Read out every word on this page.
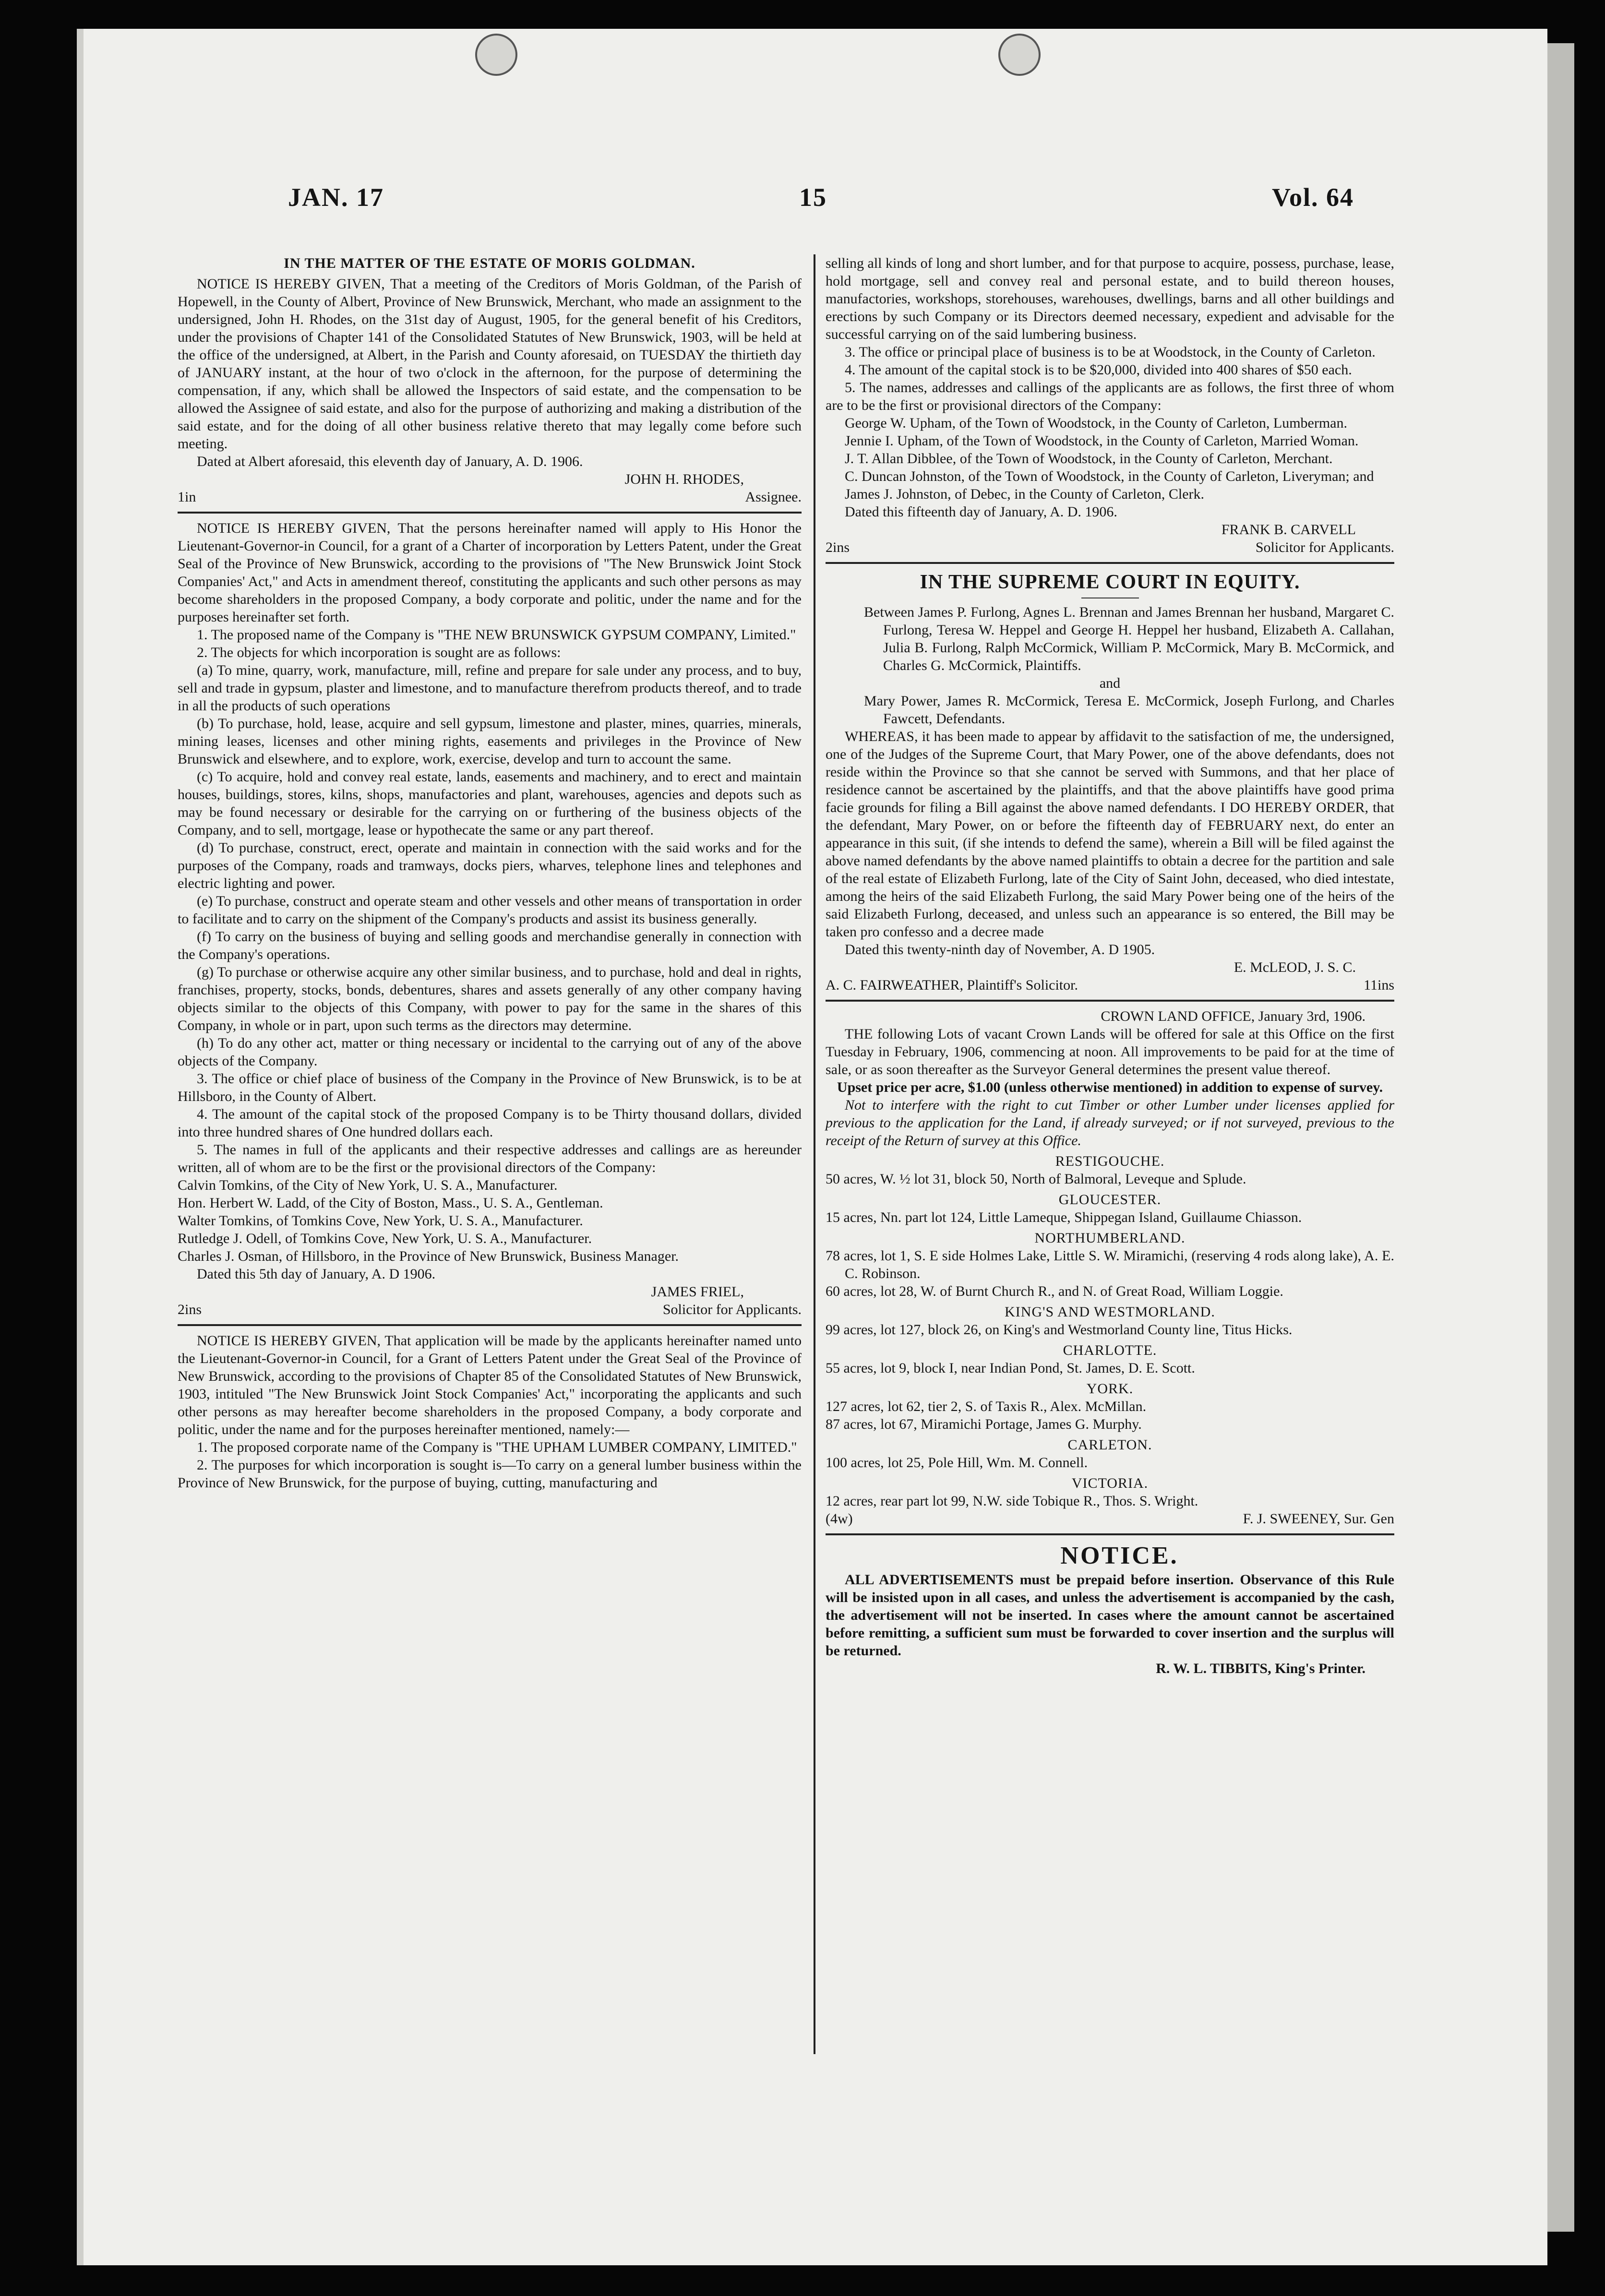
JAN. 17	15	Vol. 64

IN THE MATTER OF THE ESTATE OF MORIS GOLDMAN.

NOTICE IS HEREBY GIVEN, That a meeting of the Creditors of Moris Goldman, of the Parish of Hopewell, in the County of Albert, Province of New Brunswick, Merchant, who made an assignment to the undersigned, John H. Rhodes, on the 31st day of August, 1905, for the general benefit of his Creditors, under the provisions of Chapter 141 of the Consolidated Statutes of New Brunswick, 1903, will be held at the office of the undersigned, at Albert, in the Parish and County aforesaid, on TUESDAY the thirtieth day of JANUARY instant, at the hour of two o'clock in the afternoon, for the purpose of determining the compensation, if any, which shall be allowed the Inspectors of said estate, and the compensation to be allowed the Assignee of said estate, and also for the purpose of authorizing and making a distribution of the said estate, and for the doing of all other business relative thereto that may legally come before such meeting.

Dated at Albert aforesaid, this eleventh day of January, A. D. 1906.

JOHN H. RHODES,

1in	Assignee.

NOTICE IS HEREBY GIVEN, That the persons hereinafter named will apply to His Honor the Lieutenant-Governor-in Council, for a grant of a Charter of incorporation by Letters Patent, under the Great Seal of the Province of New Brunswick, according to the provisions of "The New Brunswick Joint Stock Companies' Act," and Acts in amendment thereof, constituting the applicants and such other persons as may become shareholders in the proposed Company, a body corporate and politic, under the name and for the purposes hereinafter set forth.

1. The proposed name of the Company is "THE NEW BRUNSWICK GYPSUM COMPANY, Limited."

2. The objects for which incorporation is sought are as follows:

(a) To mine, quarry, work, manufacture, mill, refine and prepare for sale under any process, and to buy, sell and trade in gypsum, plaster and limestone, and to manufacture therefrom products thereof, and to trade in all the products of such operations

(b) To purchase, hold, lease, acquire and sell gypsum, limestone and plaster, mines, quarries, minerals, mining leases, licenses and other mining rights, easements and privileges in the Province of New Brunswick and elsewhere, and to explore, work, exercise, develop and turn to account the same.

(c) To acquire, hold and convey real estate, lands, easements and machinery, and to erect and maintain houses, buildings, stores, kilns, shops, manufactories and plant, warehouses, agencies and depots such as may be found necessary or desirable for the carrying on or furthering of the business objects of the Company, and to sell, mortgage, lease or hypothecate the same or any part thereof.

(d) To purchase, construct, erect, operate and maintain in connection with the said works and for the purposes of the Company, roads and tramways, docks piers, wharves, telephone lines and telephones and electric lighting and power.

(e) To purchase, construct and operate steam and other vessels and other means of transportation in order to facilitate and to carry on the shipment of the Company's products and assist its business generally.

(f) To carry on the business of buying and selling goods and merchandise generally in connection with the Company's operations.

(g) To purchase or otherwise acquire any other similar business, and to purchase, hold and deal in rights, franchises, property, stocks, bonds, debentures, shares and assets generally of any other company having objects similar to the objects of this Company, with power to pay for the same in the shares of this Company, in whole or in part, upon such terms as the directors may determine.

(h) To do any other act, matter or thing necessary or incidental to the carrying out of any of the above objects of the Company.

3. The office or chief place of business of the Company in the Province of New Brunswick, is to be at Hillsboro, in the County of Albert.

4. The amount of the capital stock of the proposed Company is to be Thirty thousand dollars, divided into three hundred shares of One hundred dollars each.

5. The names in full of the applicants and their respective addresses and callings are as hereunder written, all of whom are to be the first or the provisional directors of the Company:

Calvin Tomkins, of the City of New York, U. S. A., Manufacturer.

Hon. Herbert W. Ladd, of the City of Boston, Mass., U. S. A., Gentleman.

Walter Tomkins, of Tomkins Cove, New York, U. S. A., Manufacturer.

Rutledge J. Odell, of Tomkins Cove, New York, U. S. A., Manufacturer.

Charles J. Osman, of Hillsboro, in the Province of New Brunswick, Business Manager.

Dated this 5th day of January, A. D 1906.

JAMES FRIEL,

2ins	Solicitor for Applicants.

NOTICE IS HEREBY GIVEN, That application will be made by the applicants hereinafter named unto the Lieutenant-Governor-in Council, for a Grant of Letters Patent under the Great Seal of the Province of New Brunswick, according to the provisions of Chapter 85 of the Consolidated Statutes of New Brunswick, 1903, intituled "The New Brunswick Joint Stock Companies' Act," incorporating the applicants and such other persons as may hereafter become shareholders in the proposed Company, a body corporate and politic, under the name and for the purposes hereinafter mentioned, namely:—

1. The proposed corporate name of the Company is "THE UPHAM LUMBER COMPANY, LIMITED."

2. The purposes for which incorporation is sought is—To carry on a general lumber business within the Province of New Brunswick, for the purpose of buying, cutting, manufacturing and

selling all kinds of long and short lumber, and for that purpose to acquire, possess, purchase, lease, hold mortgage, sell and convey real and personal estate, and to build thereon houses, manufactories, workshops, storehouses, warehouses, dwellings, barns and all other buildings and erections by such Company or its Directors deemed necessary, expedient and advisable for the successful carrying on of the said lumbering business.

3. The office or principal place of business is to be at Woodstock, in the County of Carleton.

4. The amount of the capital stock is to be $20,000, divided into 400 shares of $50 each.

5. The names, addresses and callings of the applicants are as follows, the first three of whom are to be the first or provisional directors of the Company:

George W. Upham, of the Town of Woodstock, in the County of Carleton, Lumberman.

Jennie I. Upham, of the Town of Woodstock, in the County of Carleton, Married Woman.

J. T. Allan Dibblee, of the Town of Woodstock, in the County of Carleton, Merchant.

C. Duncan Johnston, of the Town of Woodstock, in the County of Carleton, Liveryman; and

James J. Johnston, of Debec, in the County of Carleton, Clerk.

Dated this fifteenth day of January, A. D. 1906.

FRANK B. CARVELL

2ins	Solicitor for Applicants.

IN THE SUPREME COURT IN EQUITY.

Between James P. Furlong, Agnes L. Brennan and James Brennan her husband, Margaret C. Furlong, Teresa W. Heppel and George H. Heppel her husband, Elizabeth A. Callahan, Julia B. Furlong, Ralph McCormick, William P. McCormick, Mary B. McCormick, and Charles G. McCormick, Plaintiffs.

and

Mary Power, James R. McCormick, Teresa E. McCormick, Joseph Furlong, and Charles Fawcett, Defendants.

WHEREAS, it has been made to appear by affidavit to the satisfaction of me, the undersigned, one of the Judges of the Supreme Court, that Mary Power, one of the above defendants, does not reside within the Province so that she cannot be served with Summons, and that her place of residence cannot be ascertained by the plaintiffs, and that the above plaintiffs have good prima facie grounds for filing a Bill against the above named defendants. I DO HEREBY ORDER, that the defendant, Mary Power, on or before the fifteenth day of FEBRUARY next, do enter an appearance in this suit, (if she intends to defend the same), wherein a Bill will be filed against the above named defendants by the above named plaintiffs to obtain a decree for the partition and sale of the real estate of Elizabeth Furlong, late of the City of Saint John, deceased, who died intestate, among the heirs of the said Elizabeth Furlong, the said Mary Power being one of the heirs of the said Elizabeth Furlong, deceased, and unless such an appearance is so entered, the Bill may be taken pro confesso and a decree made

Dated this twenty-ninth day of November, A. D 1905.

E. McLEOD, J. S. C.

A. C. FAIRWEATHER, Plaintiff's Solicitor.	11ins

CROWN LAND OFFICE, January 3rd, 1906.

THE following Lots of vacant Crown Lands will be offered for sale at this Office on the first Tuesday in February, 1906, commencing at noon. All improvements to be paid for at the time of sale, or as soon thereafter as the Surveyor General determines the present value thereof.

Upset price per acre, $1.00 (unless otherwise mentioned) in addition to expense of survey.

Not to interfere with the right to cut Timber or other Lumber under licenses applied for previous to the application for the Land, if already surveyed; or if not surveyed, previous to the receipt of the Return of survey at this Office.

RESTIGOUCHE.

50 acres, W. ½ lot 31, block 50, North of Balmoral, Leveque and Splude.

GLOUCESTER.

15 acres, Nn. part lot 124, Little Lameque, Shippegan Island, Guillaume Chiasson.

NORTHUMBERLAND.

78 acres, lot 1, S. E side Holmes Lake, Little S. W. Miramichi, (reserving 4 rods along lake), A. E. C. Robinson.

60 acres, lot 28, W. of Burnt Church R., and N. of Great Road, William Loggie.

KING'S AND WESTMORLAND.

99 acres, lot 127, block 26, on King's and Westmorland County line, Titus Hicks.

CHARLOTTE.

55 acres, lot 9, block I, near Indian Pond, St. James, D. E. Scott.

YORK.

127 acres, lot 62, tier 2, S. of Taxis R., Alex. McMillan.

87 acres, lot 67, Miramichi Portage, James G. Murphy.

CARLETON.

100 acres, lot 25, Pole Hill, Wm. M. Connell.

VICTORIA.

12 acres, rear part lot 99, N.W. side Tobique R., Thos. S. Wright.

(4w)	F. J. SWEENEY, Sur. Gen

NOTICE.

ALL ADVERTISEMENTS must be prepaid before insertion. Observance of this Rule will be insisted upon in all cases, and unless the advertisement is accompanied by the cash, the advertisement will not be inserted. In cases where the amount cannot be ascertained before remitting, a sufficient sum must be forwarded to cover insertion and the surplus will be returned.

R. W. L. TIBBITS, King's Printer.
